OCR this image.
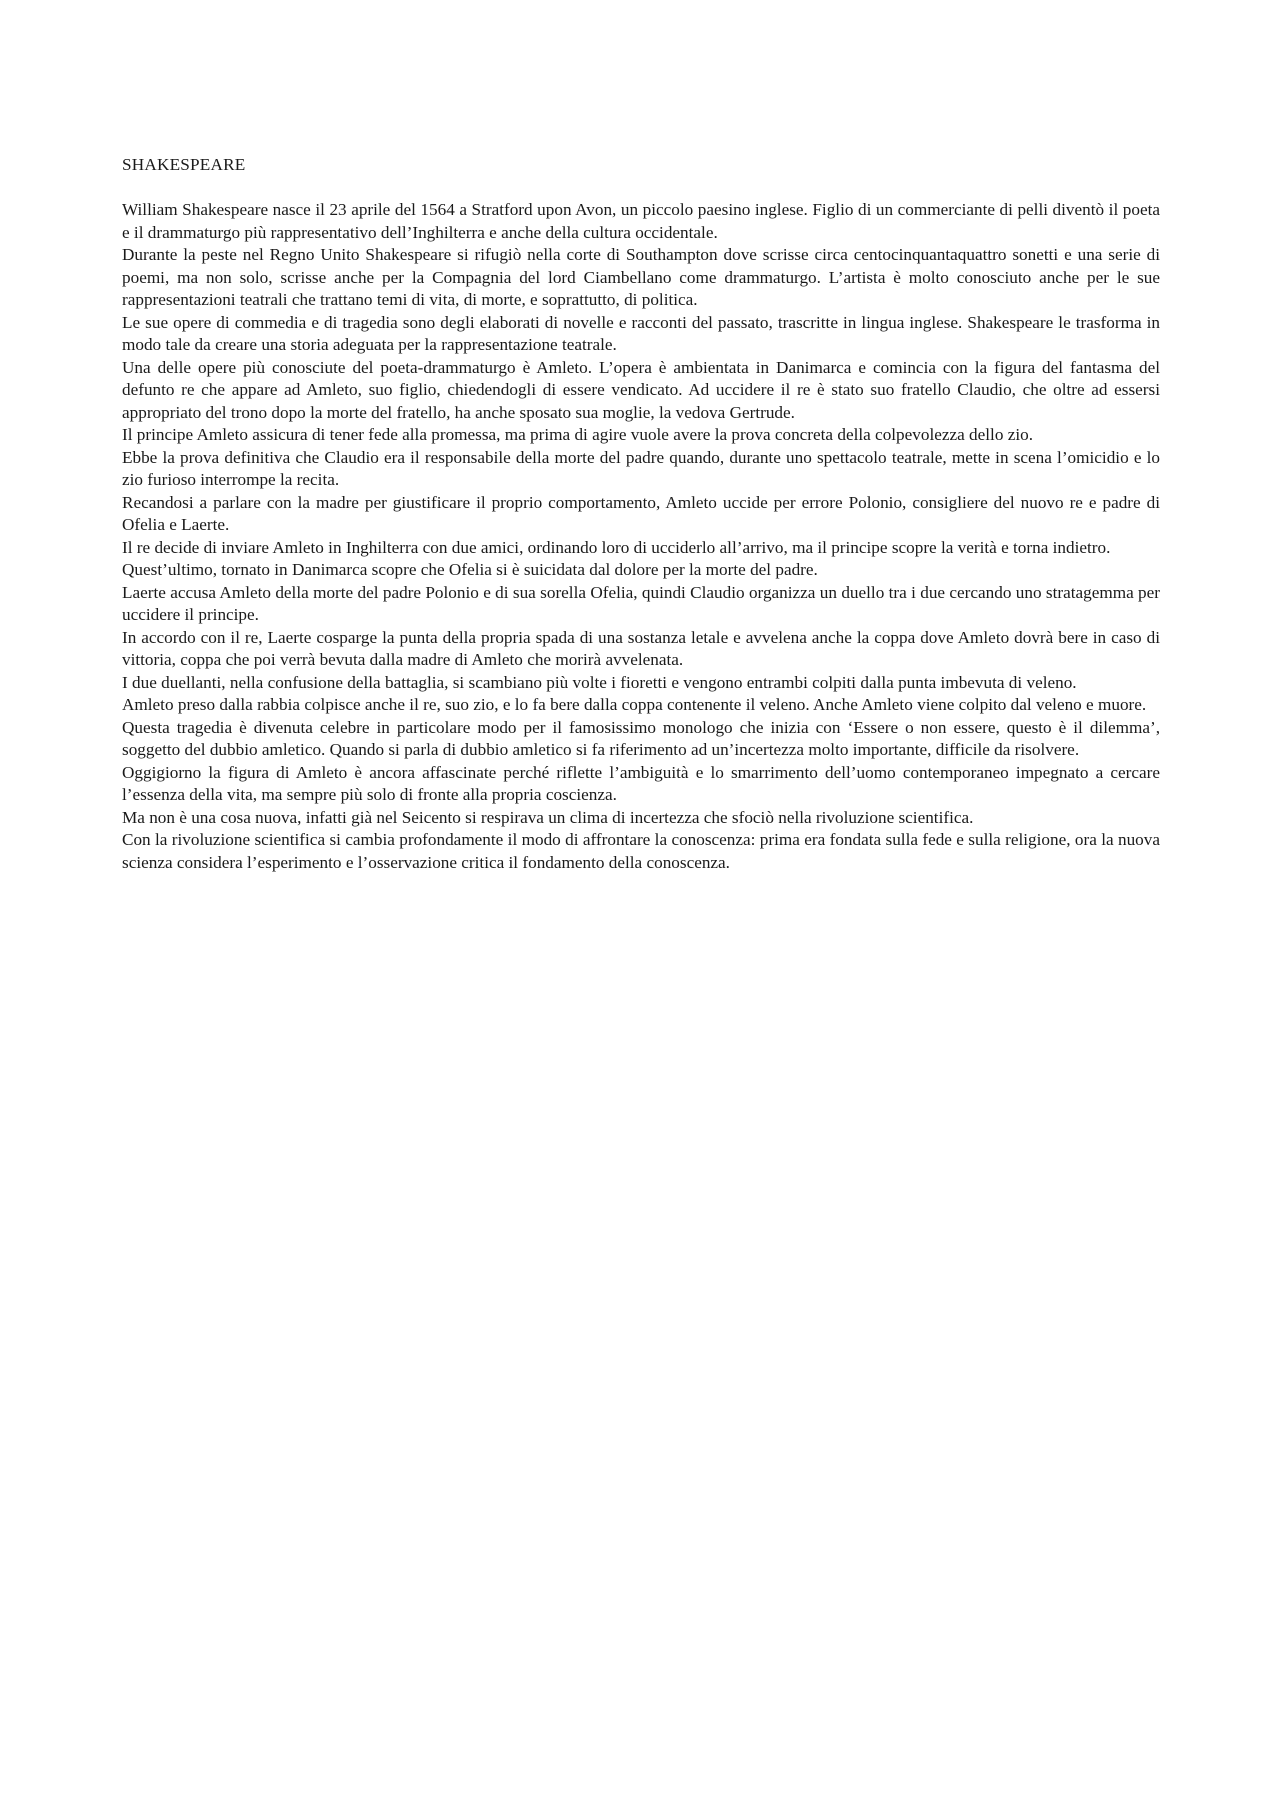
SHAKESPEARE

William Shakespeare nasce il 23 aprile del 1564 a Stratford upon Avon, un piccolo paesino inglese. Figlio di un commerciante di pelli diventò il poeta e il drammaturgo più rappresentativo dell’Inghilterra e anche della cultura occidentale.

Durante la peste nel Regno Unito Shakespeare si rifugiò nella corte di Southampton dove scrisse circa centocinquantaquattro sonetti e una serie di poemi, ma non solo, scrisse anche per la Compagnia del lord Ciambellano come drammaturgo. L’artista è molto conosciuto anche per le sue rappresentazioni teatrali che trattano temi di vita, di morte, e soprattutto, di politica.

Le sue opere di commedia e di tragedia sono degli elaborati di novelle e racconti del passato, trascritte in lingua inglese. Shakespeare le trasforma in modo tale da creare una storia adeguata per la rappresentazione teatrale.

Una delle opere più conosciute del poeta-drammaturgo è Amleto. L’opera è ambientata in Danimarca e comincia con la figura del fantasma del defunto re che appare ad Amleto, suo figlio, chiedendogli di essere vendicato. Ad uccidere il re è stato suo fratello Claudio, che oltre ad essersi appropriato del trono dopo la morte del fratello, ha anche sposato sua moglie, la vedova Gertrude.

Il principe Amleto assicura di tener fede alla promessa, ma prima di agire vuole avere la prova concreta della colpevolezza dello zio.

Ebbe la prova definitiva che Claudio era il responsabile della morte del padre quando, durante uno spettacolo teatrale, mette in scena l’omicidio e lo zio furioso interrompe la recita.

Recandosi a parlare con la madre per giustificare il proprio comportamento, Amleto uccide per errore Polonio, consigliere del nuovo re e padre di Ofelia e Laerte.

Il re decide di inviare Amleto in Inghilterra con due amici, ordinando loro di ucciderlo all’arrivo, ma il principe scopre la verità e torna indietro.

Quest’ultimo, tornato in Danimarca scopre che Ofelia si è suicidata dal dolore per la morte del padre.

Laerte accusa Amleto della morte del padre Polonio e di sua sorella Ofelia, quindi Claudio organizza un duello tra i due cercando uno stratagemma per uccidere il principe.

In accordo con il re, Laerte cosparge la punta della propria spada di una sostanza letale e avvelena anche la coppa dove Amleto dovrà bere in caso di vittoria, coppa che poi verrà bevuta dalla madre di Amleto che morirà avvelenata.

I due duellanti, nella confusione della battaglia, si scambiano più volte i fioretti e vengono entrambi colpiti dalla punta imbevuta di veleno.

Amleto preso dalla rabbia colpisce anche il re, suo zio, e lo fa bere dalla coppa contenente il veleno. Anche Amleto viene colpito dal veleno e muore.

Questa tragedia è divenuta celebre in particolare modo per il famosissimo monologo che inizia con ‘Essere o non essere, questo è il dilemma’, soggetto del dubbio amletico. Quando si parla di dubbio amletico si fa riferimento ad un’incertezza molto importante, difficile da risolvere.

Oggigiorno la figura di Amleto è ancora affascinate perché riflette l’ambiguità e lo smarrimento dell’uomo contemporaneo impegnato a cercare l’essenza della vita, ma sempre più solo di fronte alla propria coscienza.

Ma non è una cosa nuova, infatti già nel Seicento si respirava un clima di incertezza che sfociò nella rivoluzione scientifica.

Con la rivoluzione scientifica si cambia profondamente il modo di affrontare la conoscenza: prima era fondata sulla fede e sulla religione, ora la nuova scienza considera l’esperimento e l’osservazione critica il fondamento della conoscenza.
